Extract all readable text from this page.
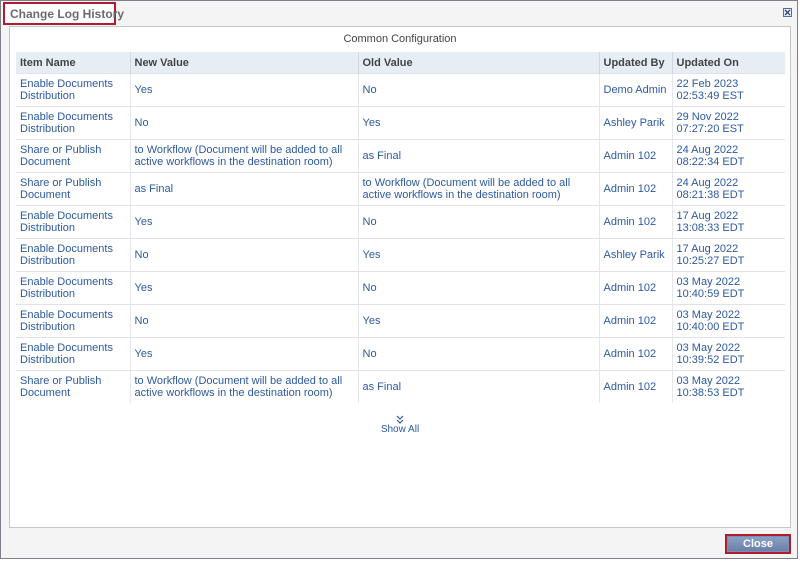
Change Log History
Common Configuration
Item Name	New Value	Old Value	Updated By	Updated On
Enable Documents Distribution	Yes	No	Demo Admin	22 Feb 2023 02:53:49 EST
Enable Documents Distribution	No	Yes	Ashley Parik	29 Nov 2022 07:27:20 EST
Share or Publish Document	to Workflow (Document will be added to all active workflows in the destination room)	as Final	Admin 102	24 Aug 2022 08:22:34 EDT
Share or Publish Document	as Final	to Workflow (Document will be added to all active workflows in the destination room)	Admin 102	24 Aug 2022 08:21:38 EDT
Enable Documents Distribution	Yes	No	Admin 102	17 Aug 2022 13:08:33 EDT
Enable Documents Distribution	No	Yes	Ashley Parik	17 Aug 2022 10:25:27 EDT
Enable Documents Distribution	Yes	No	Admin 102	03 May 2022 10:40:59 EDT
Enable Documents Distribution	No	Yes	Admin 102	03 May 2022 10:40:00 EDT
Enable Documents Distribution	Yes	No	Admin 102	03 May 2022 10:39:52 EDT
Share or Publish Document	to Workflow (Document will be added to all active workflows in the destination room)	as Final	Admin 102	03 May 2022 10:38:53 EDT
Show All
Close
